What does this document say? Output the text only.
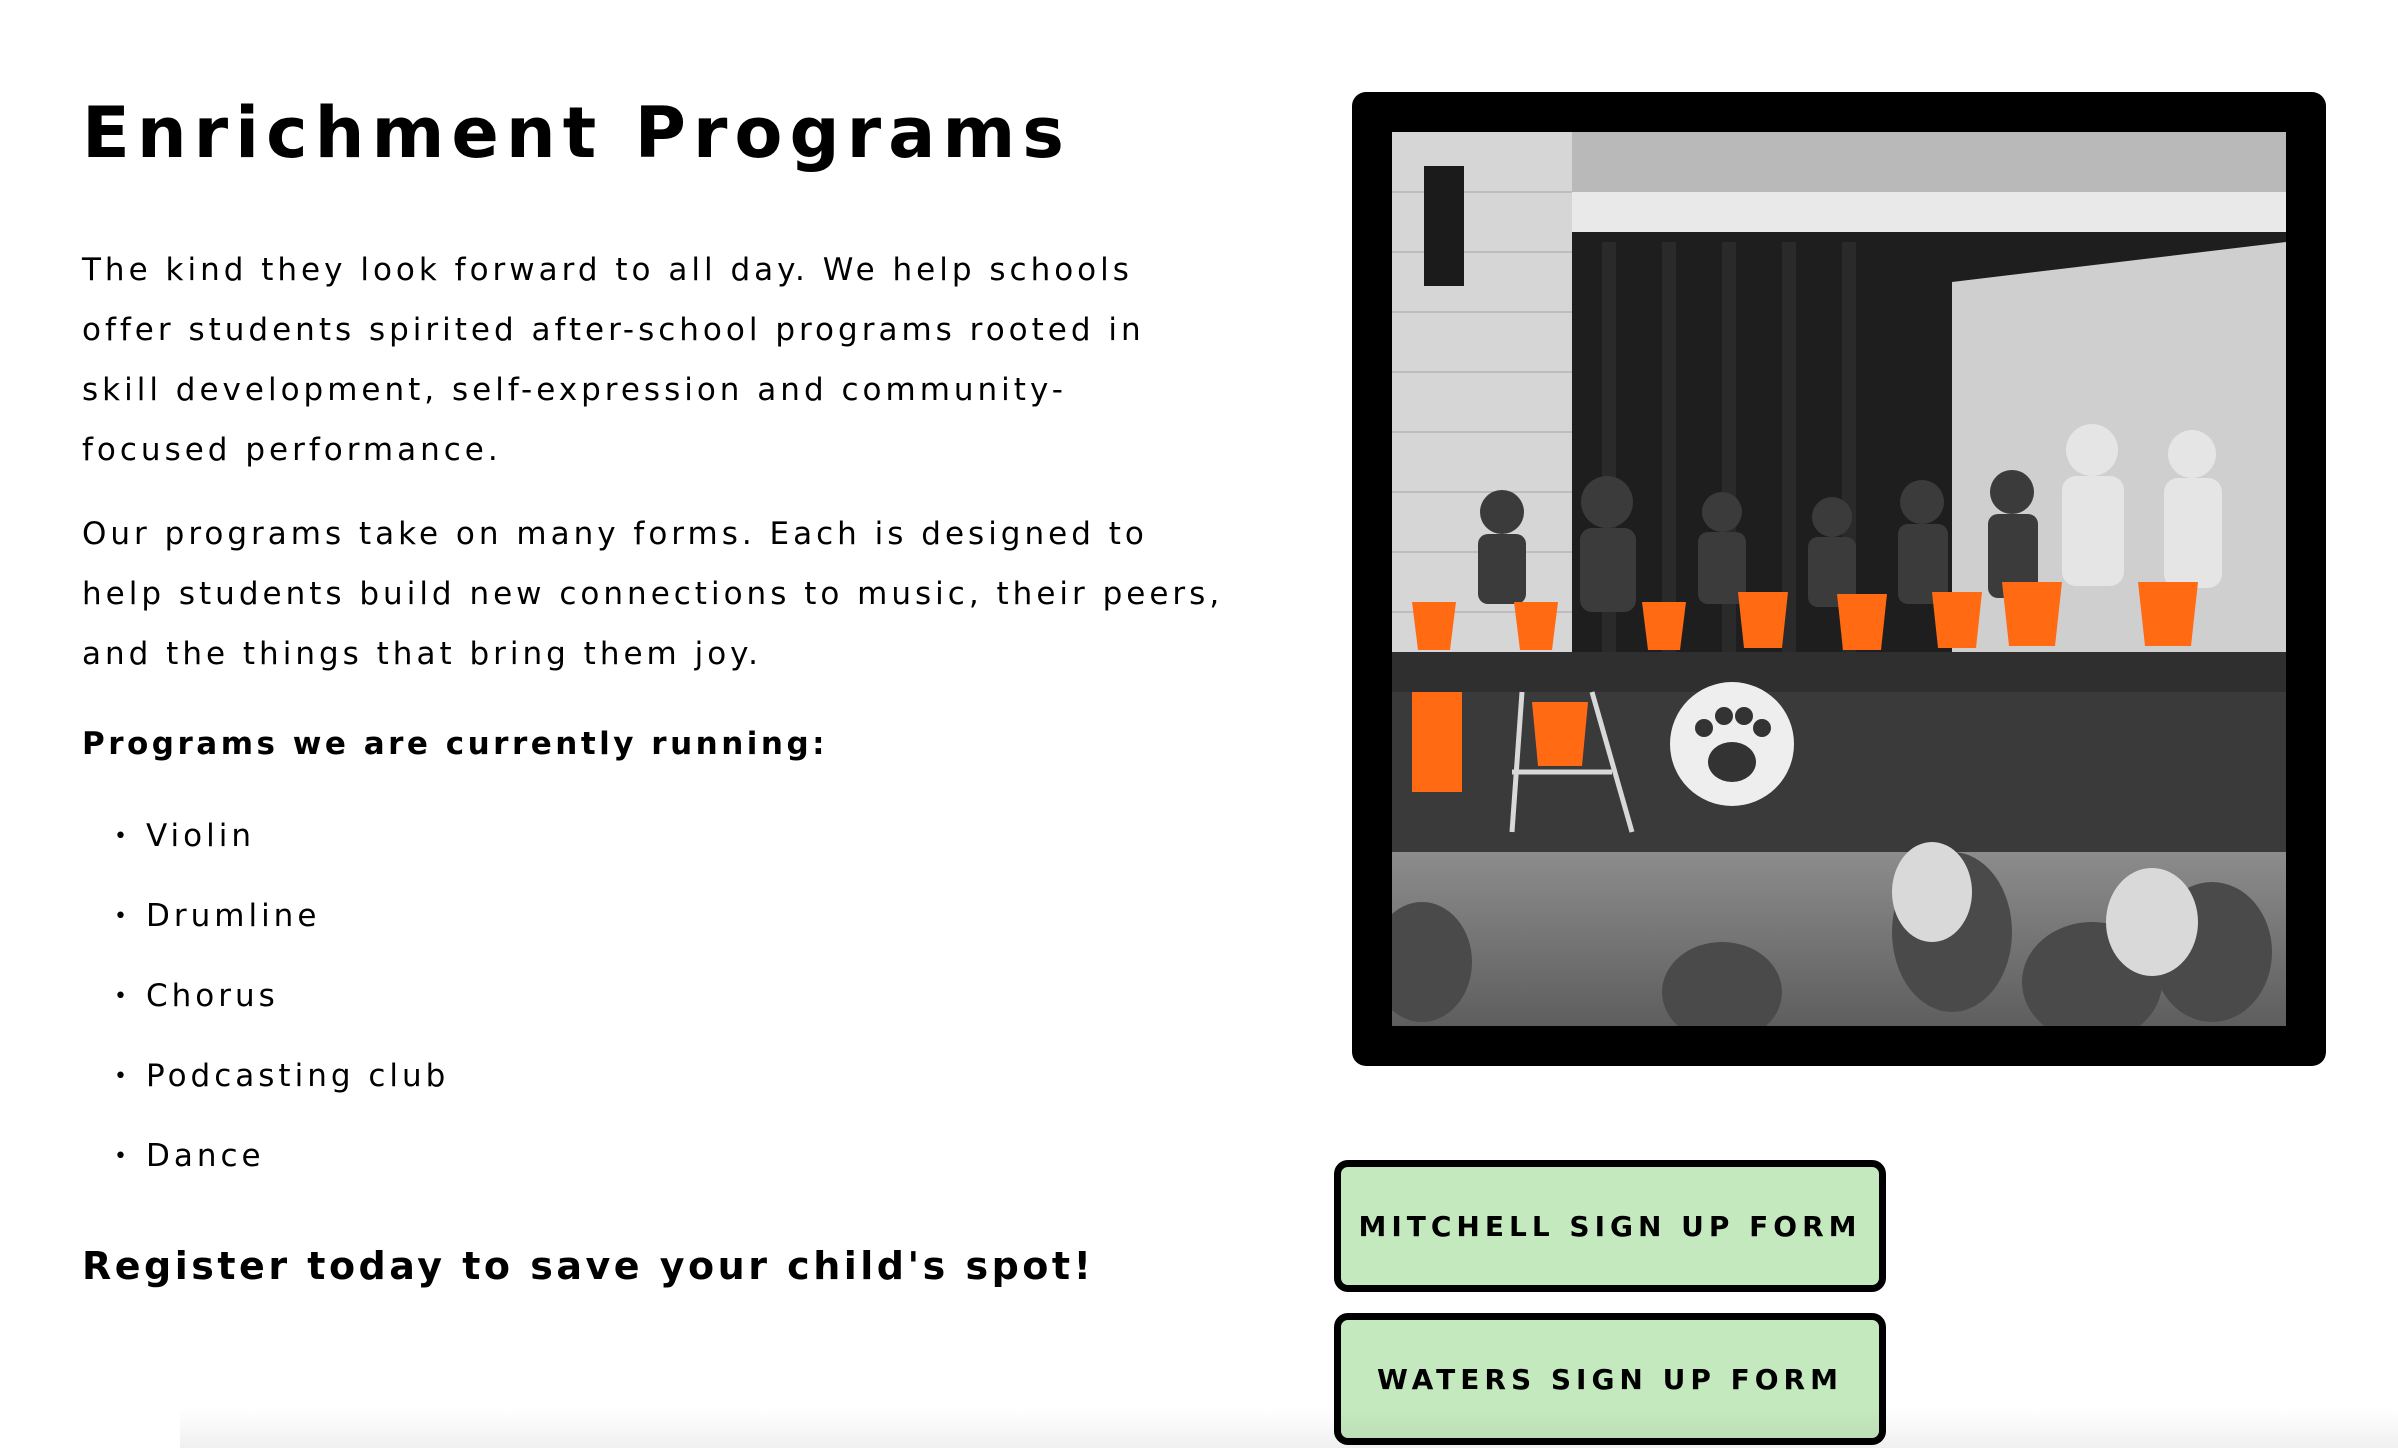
Enrichment Programs

The kind they look forward to all day. We help schools offer students spirited after-school programs rooted in skill development, self-expression and community-focused performance.

Our programs take on many forms. Each is designed to help students build new connections to music, their peers, and the things that bring them joy.

Programs we are currently running:

• Violin
• Drumline
• Chorus
• Podcasting club
• Dance

Register today to save your child's spot!

MITCHELL SIGN UP FORM
WATERS SIGN UP FORM
